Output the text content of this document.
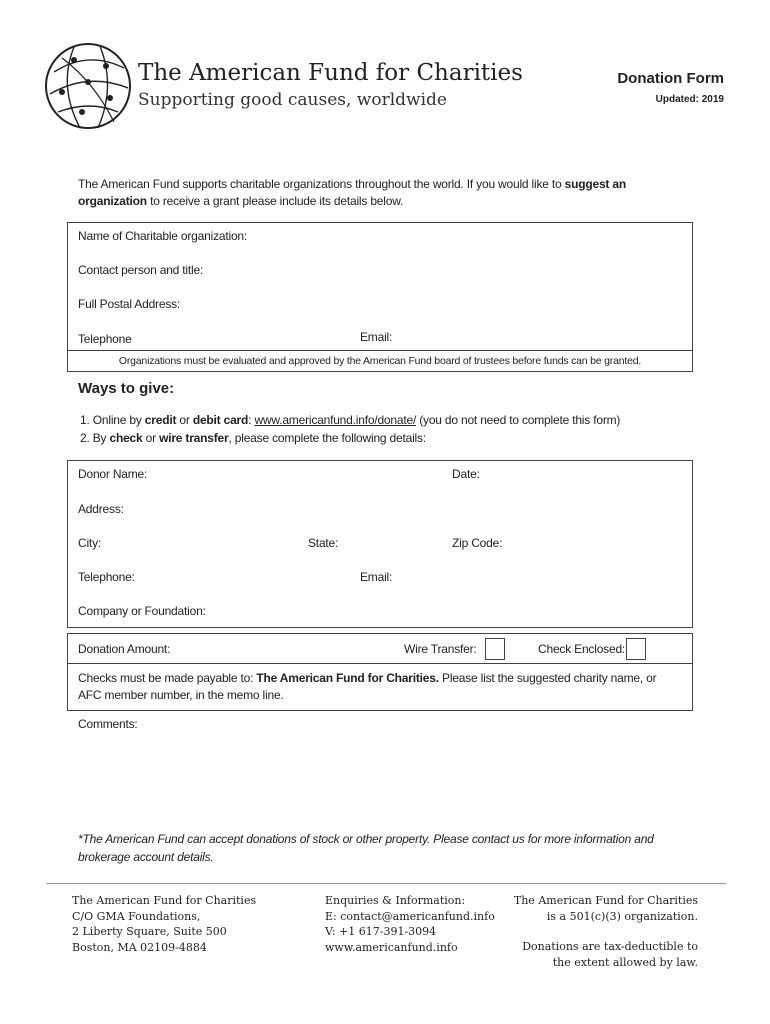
The American Fund for Charities
Supporting good causes, worldwide
Donation Form
Updated: 2019
The American Fund supports charitable organizations throughout the world. If you would like to suggest an
organization to receive a grant please include its details below.
Name of Charitable organization:
Contact person and title:
Full Postal Address:
Telephone	Email:
Organizations must be evaluated and approved by the American Fund board of trustees before funds can be granted.
Ways to give:
1. Online by credit or debit card: www.americanfund.info/donate/ (you do not need to complete this form)
2. By check or wire transfer, please complete the following details:
Donor Name:	Date:
Address:
City:	State:	Zip Code:
Telephone:	Email:
Company or Foundation:
Donation Amount:	Wire Transfer:	Check Enclosed:
Checks must be made payable to: The American Fund for Charities. Please list the suggested charity name, or
AFC member number, in the memo line.
Comments:
*The American Fund can accept donations of stock or other property. Please contact us for more information and brokerage account details.
The American Fund for Charities
C/O GMA Foundations,
2 Liberty Square, Suite 500
Boston, MA 02109-4884
Enquiries & Information:
E: contact@americanfund.info
V: +1 617-391-3094
www.americanfund.info
The American Fund for Charities
is a 501(c)(3) organization.
Donations are tax-deductible to
the extent allowed by law.
